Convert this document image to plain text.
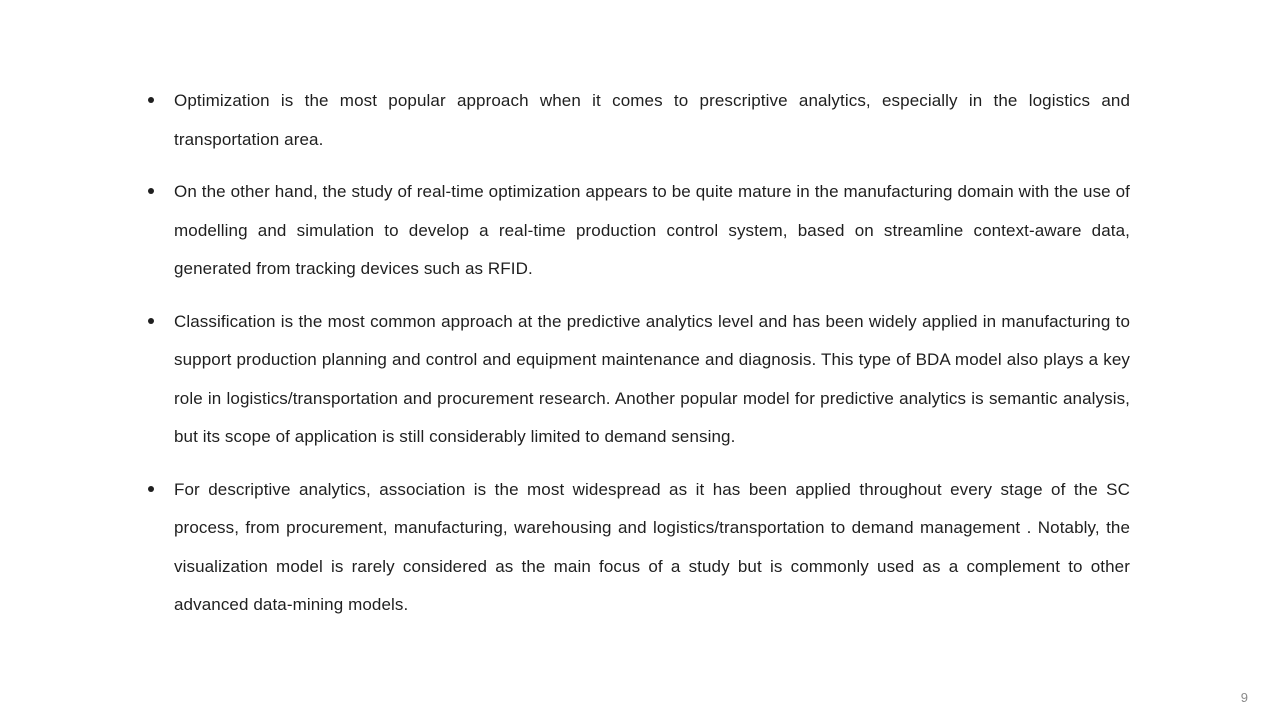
Optimization is the most popular approach when it comes to prescriptive analytics, especially in the logistics and transportation area.
On the other hand, the study of real-time optimization appears to be quite mature in the manufacturing domain with the use of modelling and simulation to develop a real-time production control system, based on streamline context-aware data, generated from tracking devices such as RFID.
Classification is the most common approach at the predictive analytics level and has been widely applied in manufacturing to support production planning and control and equipment maintenance and diagnosis. This type of BDA model also plays a key role in logistics/transportation and procurement research. Another popular model for predictive analytics is semantic analysis, but its scope of application is still considerably limited to demand sensing.
For descriptive analytics, association is the most widespread as it has been applied throughout every stage of the SC process, from procurement, manufacturing, warehousing and logistics/transportation to demand management . Notably, the visualization model is rarely considered as the main focus of a study but is commonly used as a complement to other advanced data-mining models.
9
